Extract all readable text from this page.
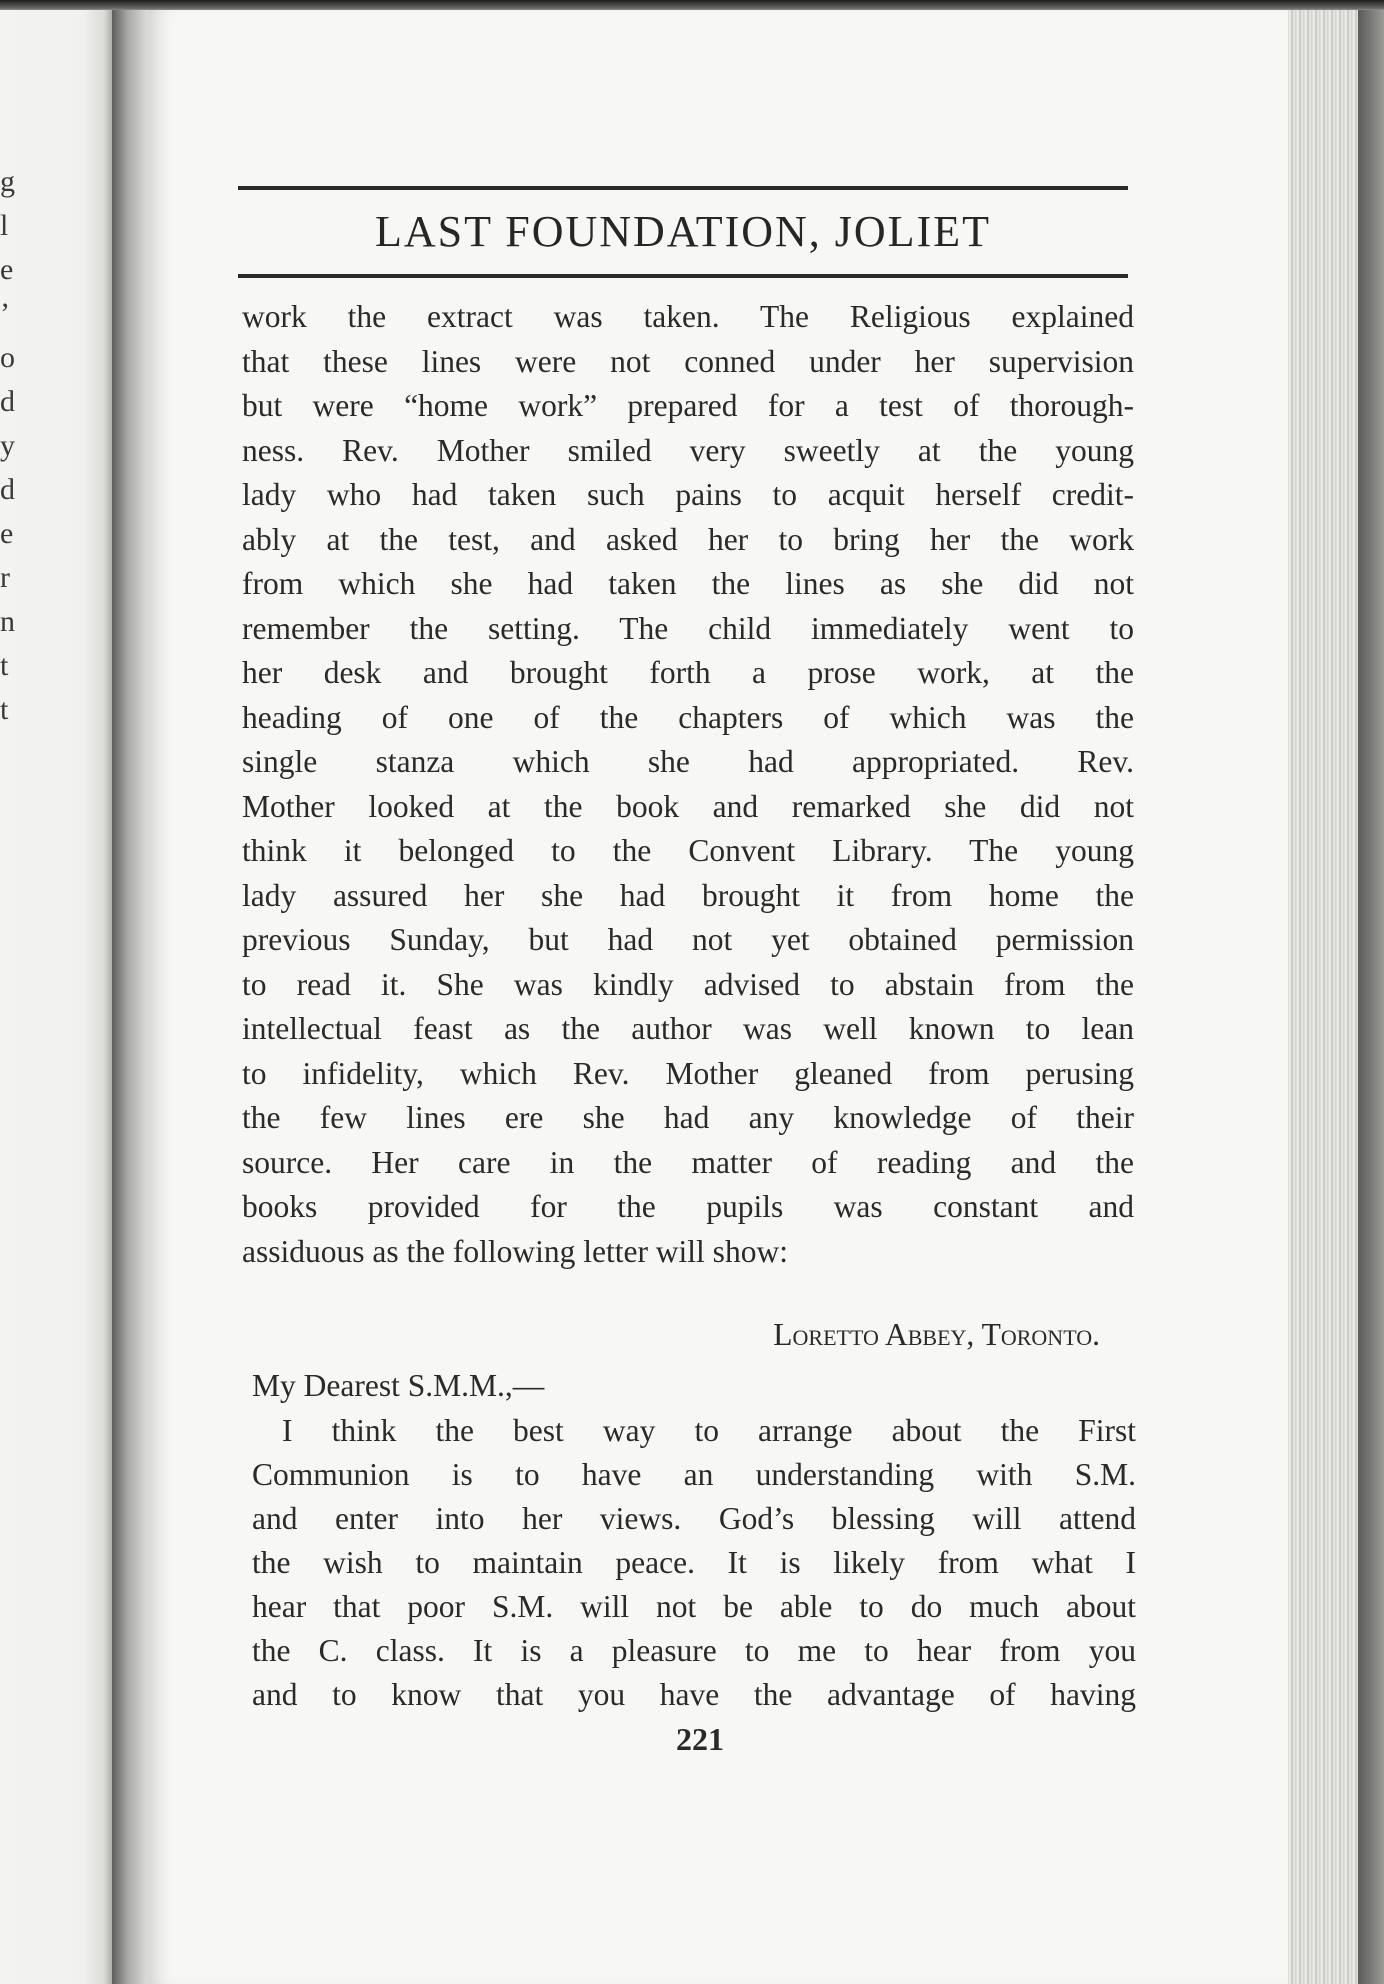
g
l
e
’
o
d
y
d
e
r
n
t
t
LAST FOUNDATION, JOLIET
work the extract was taken. The Religious explained
that these lines were not conned under her supervision
but were “home work” prepared for a test of thorough-
ness. Rev. Mother smiled very sweetly at the young
lady who had taken such pains to acquit herself credit-
ably at the test, and asked her to bring her the work
from which she had taken the lines as she did not
remember the setting. The child immediately went to
her desk and brought forth a prose work, at the
heading of one of the chapters of which was the
single stanza which she had appropriated. Rev.
Mother looked at the book and remarked she did not
think it belonged to the Convent Library. The young
lady assured her she had brought it from home the
previous Sunday, but had not yet obtained permission
to read it. She was kindly advised to abstain from the
intellectual feast as the author was well known to lean
to infidelity, which Rev. Mother gleaned from perusing
the few lines ere she had any knowledge of their
source. Her care in the matter of reading and the
books provided for the pupils was constant and
assiduous as the following letter will show:
Loretto Abbey, Toronto.
My Dearest S.M.M.,—
I think the best way to arrange about the First
Communion is to have an understanding with S.M.
and enter into her views. God’s blessing will attend
the wish to maintain peace. It is likely from what I
hear that poor S.M. will not be able to do much about
the C. class. It is a pleasure to me to hear from you
and to know that you have the advantage of having
221
